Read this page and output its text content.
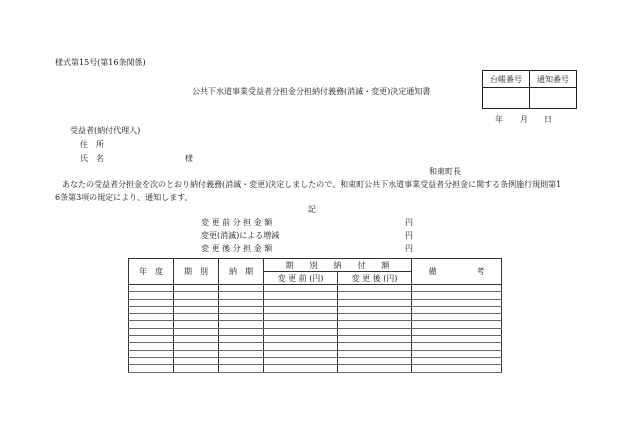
様式第15号(第16条関係)
公共下水道事業受益者分担金分担納付義務(消滅・変更)決定通知書
台帳番号	通知番号

年 月 日
受益者(納付代理人)
住　所
氏　名	様
和東町長
あなたの受益者分担金を次のとおり納付義務(消滅・変更)決定しましたので、和束町公共下水道事業受益者分担金に関する条例施行規則第1
6条第3項の規定により、通知します。
記
変 更 前 分 担 金 額	円
変更(消滅)による増減	円
変 更 後 分 担 金 額	円
年　度	期　別	納　期	期　　別　　納　　付　　額		備　　　　　考
			変 更 前 (円)	変 更 後 (円)	
